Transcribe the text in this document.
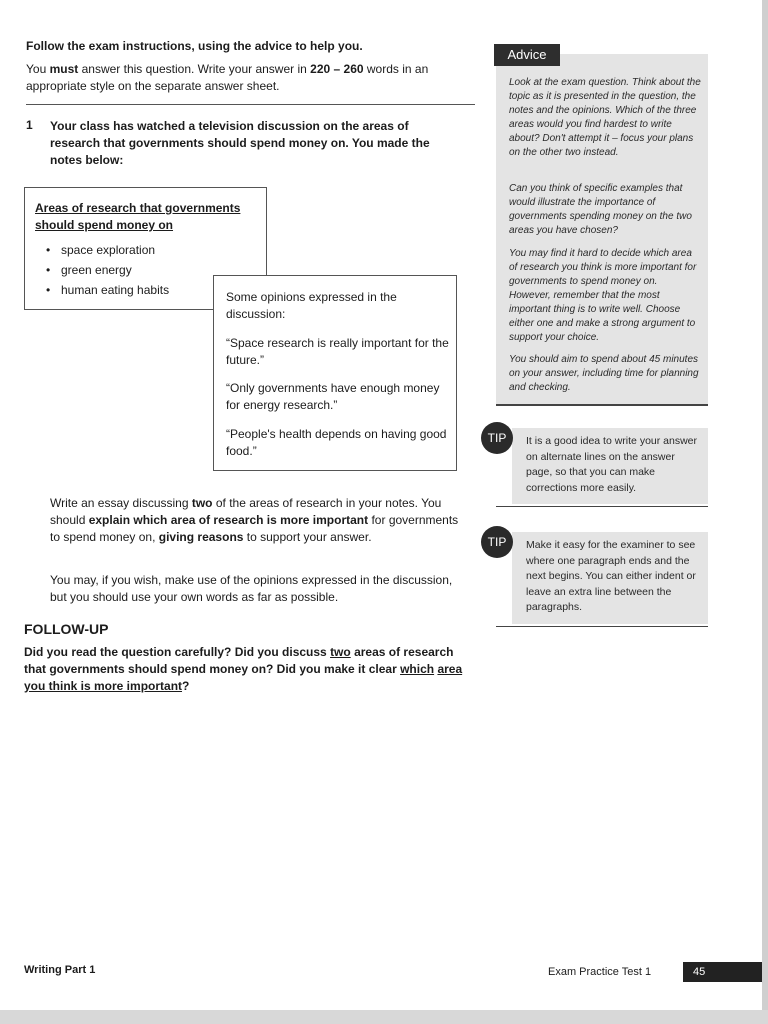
Follow the exam instructions, using the advice to help you.
You must answer this question. Write your answer in 220 – 260 words in an appropriate style on the separate answer sheet.
1 Your class has watched a television discussion on the areas of research that governments should spend money on. You made the notes below:
Areas of research that governments should spend money on
• space exploration
• green energy
• human eating habits	Some opinions expressed in the discussion:
“Space research is really important for the future.”
“Only governments have enough money for energy research.”
“People's health depends on having good food.”
Write an essay discussing two of the areas of research in your notes. You should explain which area of research is more important for governments to spend money on, giving reasons to support your answer.
You may, if you wish, make use of the opinions expressed in the discussion, but you should use your own words as far as possible.
FOLLOW-UP
Did you read the question carefully? Did you discuss two areas of research that governments should spend money on? Did you make it clear which area you think is more important?

Look at the exam question. Think about the topic as it is presented in the question, the notes and the opinions. Which of the three areas would you find hardest to write about? Don't attempt it – focus your plans on the other two instead.

Can you think of specific examples that would illustrate the importance of governments spending money on the two areas you have chosen?

You may find it hard to decide which area of research you think is more important for governments to spend money on. However, remember that the most important thing is to write well. Choose either one and make a strong argument to support your choice.

You should aim to spend about 45 minutes on your answer, including time for planning and checking.

Advice
It is a good idea to write your answer on alternate lines on the answer page, so that you can make corrections more easily.
TIP
Make it easy for the examiner to see where one paragraph ends and the next begins. You can either indent or leave an extra line between the paragraphs.
TIP
Writing Part 1	Exam Practice Test 1	45
